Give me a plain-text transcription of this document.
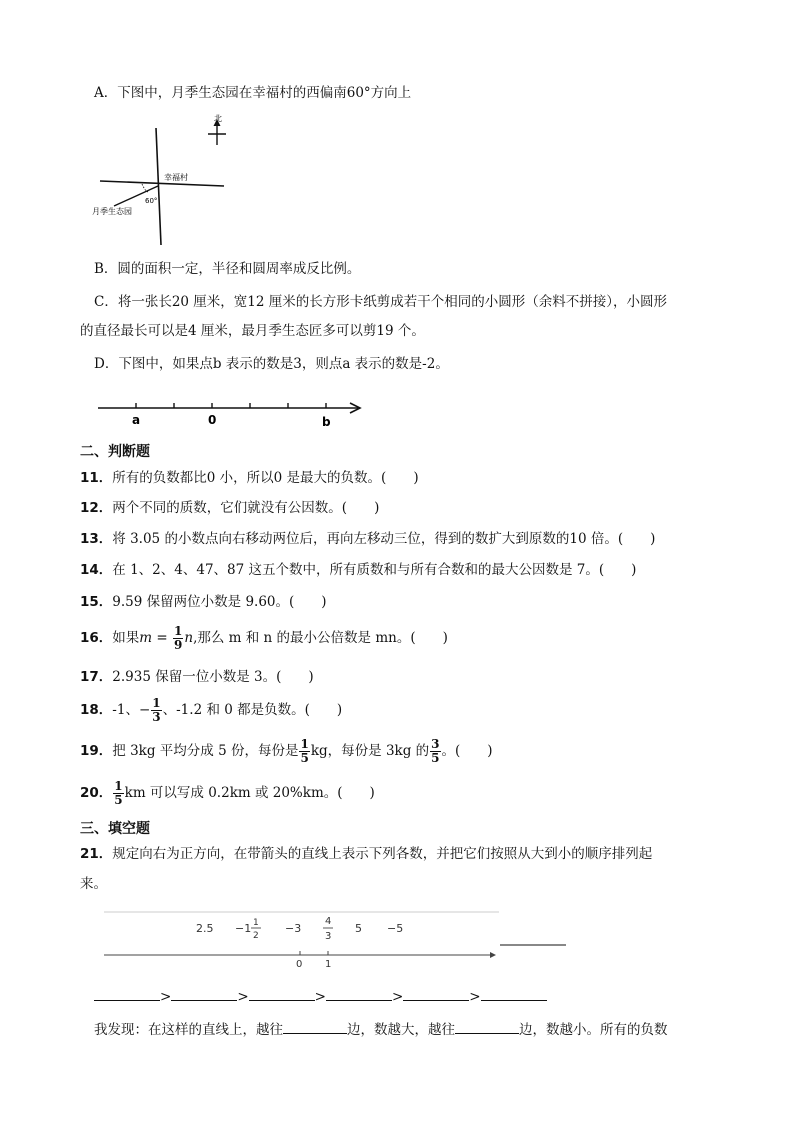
A．下图中，月季生态园在幸福村的西偏南60°方向上
北
幸福村
60°
月季生态园
B．圆的面积一定，半径和圆周率成反比例。
C．将一张长20 厘米，宽12 厘米的长方形卡纸剪成若干个相同的小圆形（余料不拼接），小圆形
的直径最长可以是4 厘米，最月季生态匠多可以剪19 个。
D．下图中，如果点b 表示的数是3，则点a 表示的数是-2。
a	0	b
二、判断题
11．所有的负数都比0 小，所以0 是最大的负数。(　　)
12．两个不同的质数，它们就没有公因数。(　　)
13．将 3.05 的小数点向右移动两位后，再向左移动三位，得到的数扩大到原数的10 倍。(　　)
14．在 1、2、4、47、87 这五个数中，所有质数和与所有合数和的最大公因数是 7。(　　)
15．9.59 保留两位小数是 9.60。(　　)
16．如果$m = \frac{1}{9} n$,那么 m 和 n 的最小公倍数是 mn。(　　)
17．2.935 保留一位小数是 3。(　　)
18．-1、− $\frac{1}{3}$ 、-1.2 和 0 都是负数。(　　)
19．把 3kg 平均分成 5 份，每份是 $\frac{1}{5}$ kg，每份是 3kg 的 $\frac{3}{5}$ 。(　　)
20． $\frac{1}{5}$ km 可以写成 0.2km 或 20%km。(　　)
三、填空题
21．规定向右为正方向，在带箭头的直线上表示下列各数，并把它们按照从大到小的顺序排列起
来。
2.5 −1 1
2
−3
4
3
5 −5
0 1
>	>	>	>	>
我发现：在这样的直线上，越往	边，数越大，越往	边，数越小。所有的负数
